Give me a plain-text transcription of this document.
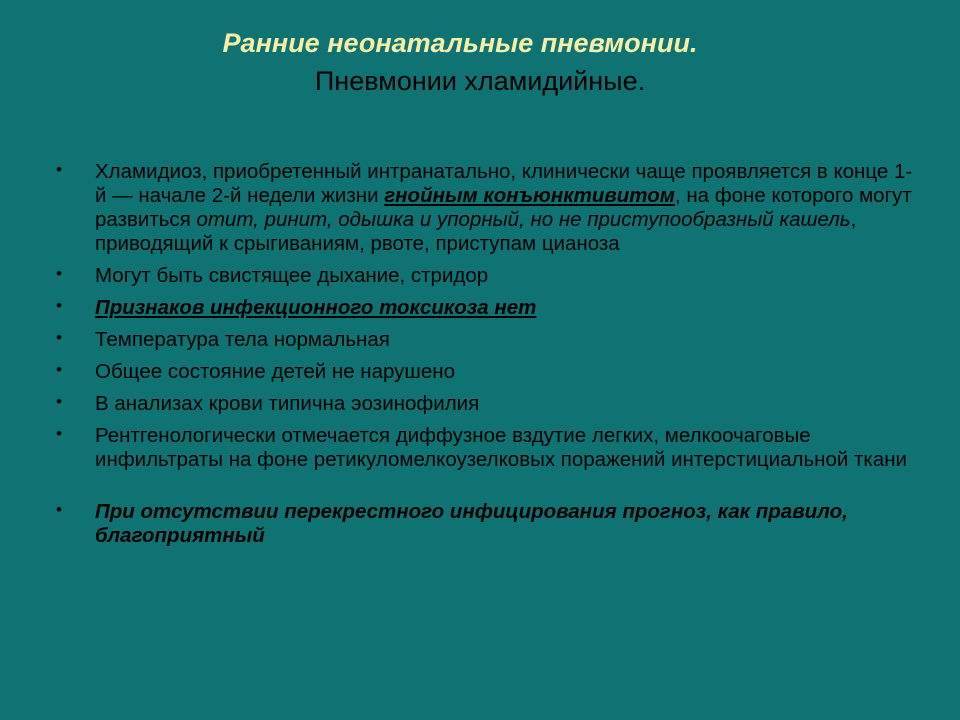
Ранние неонатальные пневмонии.
Пневмонии хламидийные.
• Хламидиоз, приобретенный интранатально, клинически чаще проявляется в конце 1-й — начале 2-й недели жизни гнойным конъюнктивитом, на фоне которого могут развиться отит, ринит, одышка и упорный, но не приступообразный кашель, приводящий к срыгиваниям, рвоте, приступам цианоза
• Могут быть свистящее дыхание, стридор
• Признаков инфекционного токсикоза нет
• Температура тела нормальная
• Общее состояние детей не нарушено
• В анализах крови типична эозинофилия
• Рентгенологически отмечается диффузное вздутие легких, мелкоочаговые инфильтраты на фоне ретикуломелкоузелковых поражений интерстициальной ткани
• При отсутствии перекрестного инфицирования прогноз, как правило, благоприятный
